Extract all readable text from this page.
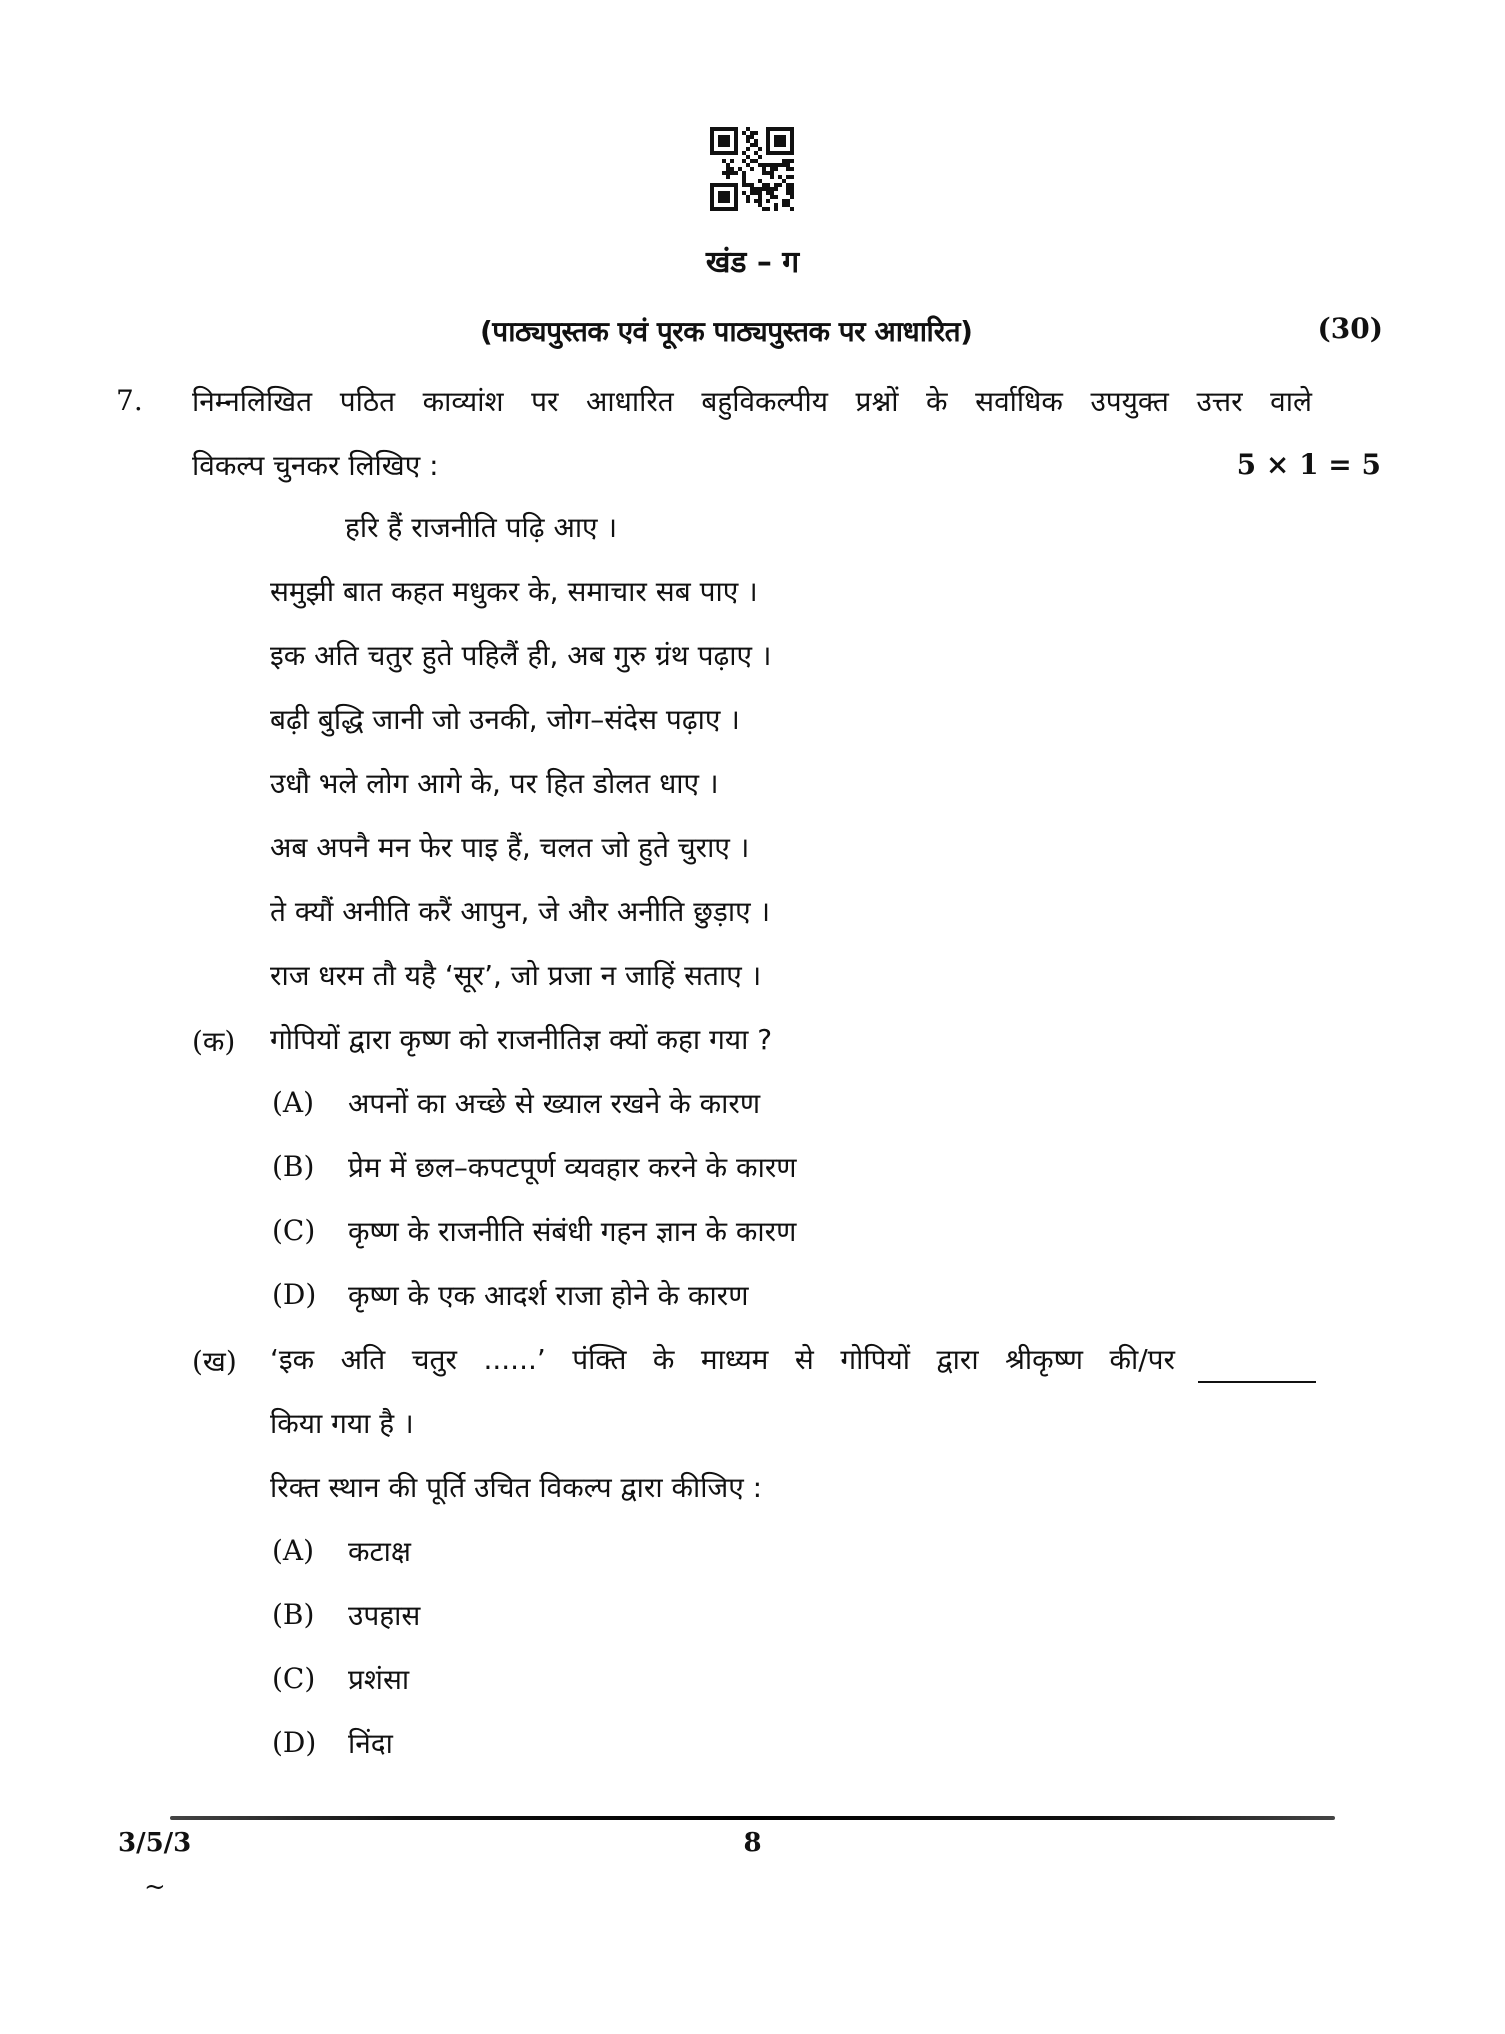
खंड – ग
(पाठ्यपुस्तक एवं पूरक पाठ्यपुस्तक पर आधारित)	(30)
7. निम्नलिखित पठित काव्यांश पर आधारित बहुविकल्पीय प्रश्नों के सर्वाधिक उपयुक्त उत्तर वाले
विकल्प चुनकर लिखिए :	5 × 1 = 5
हरि हैं राजनीति पढ़ि आए ।
समुझी बात कहत मधुकर के, समाचार सब पाए ।
इक अति चतुर हुते पहिलैं ही, अब गुरु ग्रंथ पढ़ाए ।
बढ़ी बुद्धि जानी जो उनकी, जोग–संदेस पढ़ाए ।
उधौ भले लोग आगे के, पर हित डोलत धाए ।
अब अपनै मन फेर पाइ हैं, चलत जो हुते चुराए ।
ते क्यौं अनीति करैं आपुन, जे और अनीति छुड़ाए ।
राज धरम तौ यहै ‘सूर’, जो प्रजा न जाहिं सताए ।
(क) गोपियों द्वारा कृष्ण को राजनीतिज्ञ क्यों कहा गया ?
(A) अपनों का अच्छे से ख्याल रखने के कारण
(B) प्रेम में छल–कपटपूर्ण व्यवहार करने के कारण
(C) कृष्ण के राजनीति संबंधी गहन ज्ञान के कारण
(D) कृष्ण के एक आदर्श राजा होने के कारण
(ख) ‘इक अति चतुर ......’ पंक्ति के माध्यम से गोपियों द्वारा श्रीकृष्ण की/पर
किया गया है ।
रिक्त स्थान की पूर्ति उचित विकल्प द्वारा कीजिए :
(A) कटाक्ष
(B) उपहास
(C) प्रशंसा
(D) निंदा
3/5/3	8
~
